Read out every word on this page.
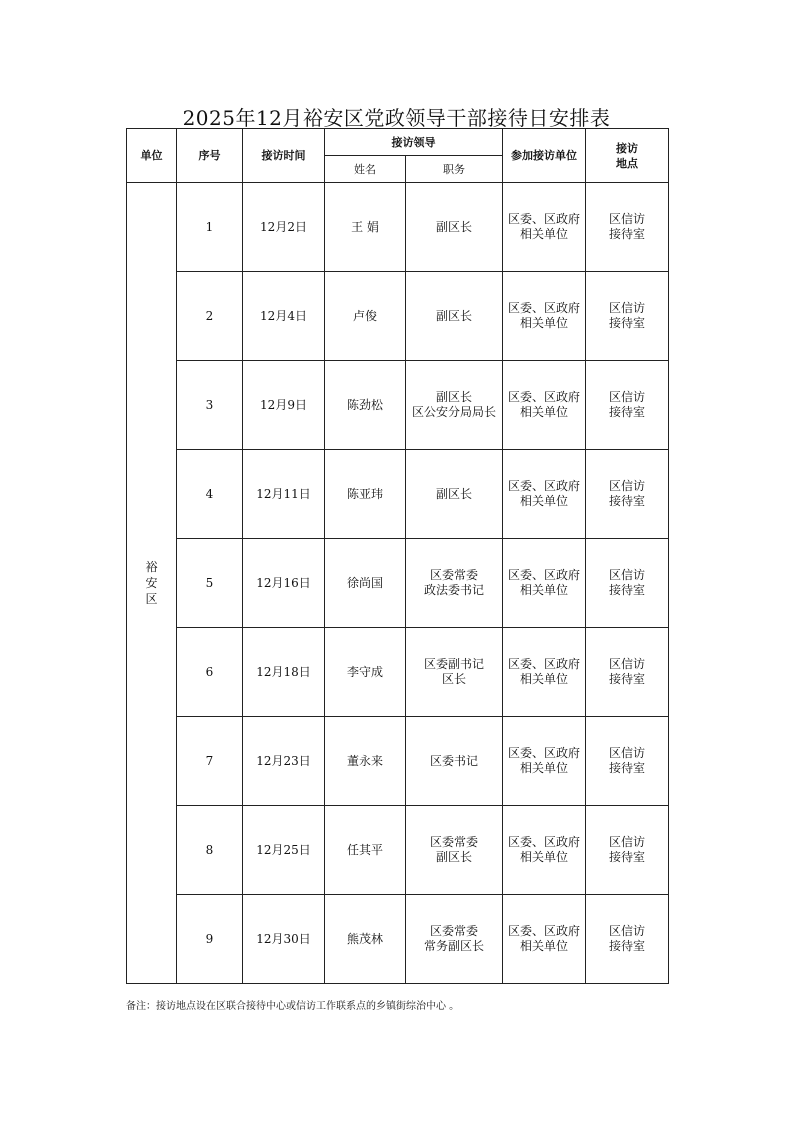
2025年12月裕安区党政领导干部接待日安排表
单位	序号	接访时间	接访领导		参加接访单位	接访
地点

			姓名	职务		
裕安区	1	12月2日	王 娟	副区长	区委、区政府
相关单位	区信访
接待室

	2	12月4日	卢俊	副区长	区委、区政府
相关单位	区信访
接待室

	3	12月9日	陈劲松	副区长
区公安分局局长	区委、区政府
相关单位	区信访
接待室

	4	12月11日	陈亚玮	副区长	区委、区政府
相关单位	区信访
接待室

	5	12月16日	徐尚国	区委常委
政法委书记	区委、区政府
相关单位	区信访
接待室

	6	12月18日	李守成	区委副书记
区长	区委、区政府
相关单位	区信访
接待室

	7	12月23日	董永来	区委书记	区委、区政府
相关单位	区信访
接待室

	8	12月25日	任其平	区委常委
副区长	区委、区政府
相关单位	区信访
接待室

	9	12月30日	熊茂林	区委常委
常务副区长	区委、区政府
相关单位	区信访
接待室
备注：接访地点设在区联合接待中心或信访工作联系点的乡镇街综治中心 。
